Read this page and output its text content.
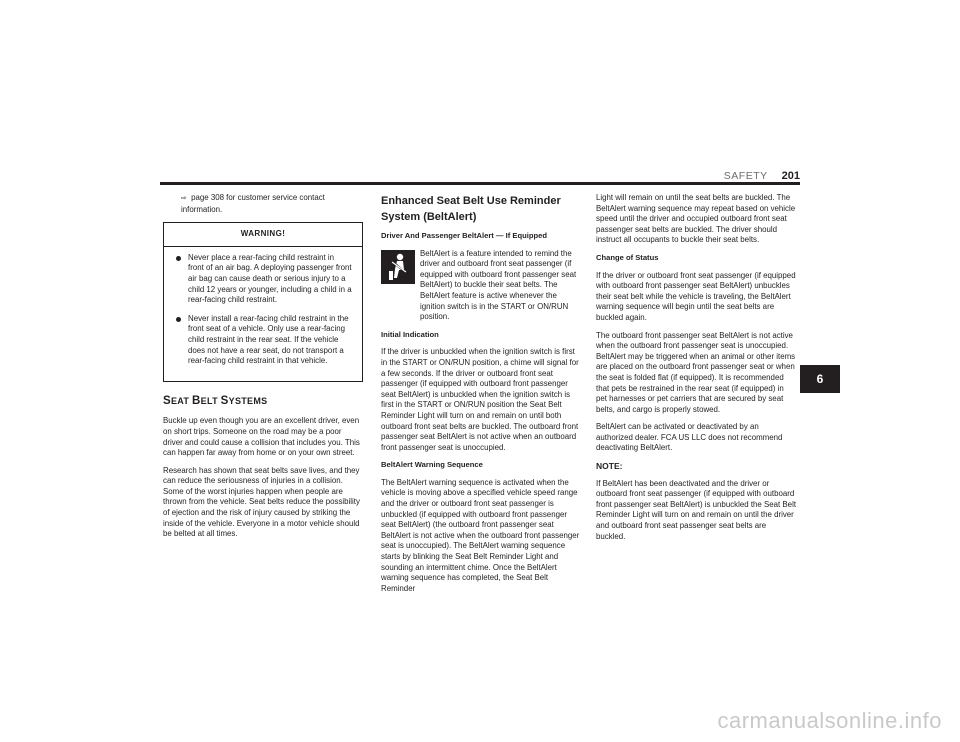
SAFETY 201

⇨ page 308 for customer service contact information.

WARNING!
Never place a rear-facing child restraint in front of an air bag. A deploying passenger front air bag can cause death or serious injury to a child 12 years or younger, including a child in a rear-facing child restraint.
Never install a rear-facing child restraint in the front seat of a vehicle. Only use a rear-facing child restraint in the rear seat. If the vehicle does not have a rear seat, do not transport a rear-facing child restraint in that vehicle.
SEAT BELT SYSTEMS

Buckle up even though you are an excellent driver, even on short trips. Someone on the road may be a poor driver and could cause a collision that includes you. This can happen far away from home or on your own street.

Research has shown that seat belts save lives, and they can reduce the seriousness of injuries in a collision. Some of the worst injuries happen when people are thrown from the vehicle. Seat belts reduce the possibility of ejection and the risk of injury caused by striking the inside of the vehicle. Everyone in a motor vehicle should be belted at all times.

Enhanced Seat Belt Use Reminder System (BeltAlert)

Driver And Passenger BeltAlert — If Equipped

BeltAlert is a feature intended to remind the driver and outboard front seat passenger (if equipped with outboard front passenger seat BeltAlert) to buckle their seat belts. The BeltAlert feature is active whenever the ignition switch is in the START or ON/RUN position.

Initial Indication

If the driver is unbuckled when the ignition switch is first in the START or ON/RUN position, a chime will signal for a few seconds. If the driver or outboard front seat passenger (if equipped with outboard front passenger seat BeltAlert) is unbuckled when the ignition switch is first in the START or ON/RUN position the Seat Belt Reminder Light will turn on and remain on until both outboard front seat belts are buckled. The outboard front passenger seat BeltAlert is not active when an outboard front passenger seat is unoccupied.

BeltAlert Warning Sequence

The BeltAlert warning sequence is activated when the vehicle is moving above a specified vehicle speed range and the driver or outboard front seat passenger is unbuckled (if equipped with outboard front passenger seat BeltAlert) (the outboard front passenger seat BeltAlert is not active when the outboard front passenger seat is unoccupied). The BeltAlert warning sequence starts by blinking the Seat Belt Reminder Light and sounding an intermittent chime. Once the BeltAlert warning sequence has completed, the Seat Belt Reminder

Light will remain on until the seat belts are buckled. The BeltAlert warning sequence may repeat based on vehicle speed until the driver and occupied outboard front seat passenger seat belts are buckled. The driver should instruct all occupants to buckle their seat belts.

Change of Status

If the driver or outboard front seat passenger (if equipped with outboard front passenger seat BeltAlert) unbuckles their seat belt while the vehicle is traveling, the BeltAlert warning sequence will begin until the seat belts are buckled again.

The outboard front passenger seat BeltAlert is not active when the outboard front passenger seat is unoccupied. BeltAlert may be triggered when an animal or other items are placed on the outboard front passenger seat or when the seat is folded flat (if equipped). It is recommended that pets be restrained in the rear seat (if equipped) in pet harnesses or pet carriers that are secured by seat belts, and cargo is properly stowed.

BeltAlert can be activated or deactivated by an authorized dealer. FCA US LLC does not recommend deactivating BeltAlert.

NOTE:

If BeltAlert has been deactivated and the driver or outboard front seat passenger (if equipped with outboard front passenger seat BeltAlert) is unbuckled the Seat Belt Reminder Light will turn on and remain on until the driver and outboard front seat passenger seat belts are buckled.

6
carmanualsonline.info
